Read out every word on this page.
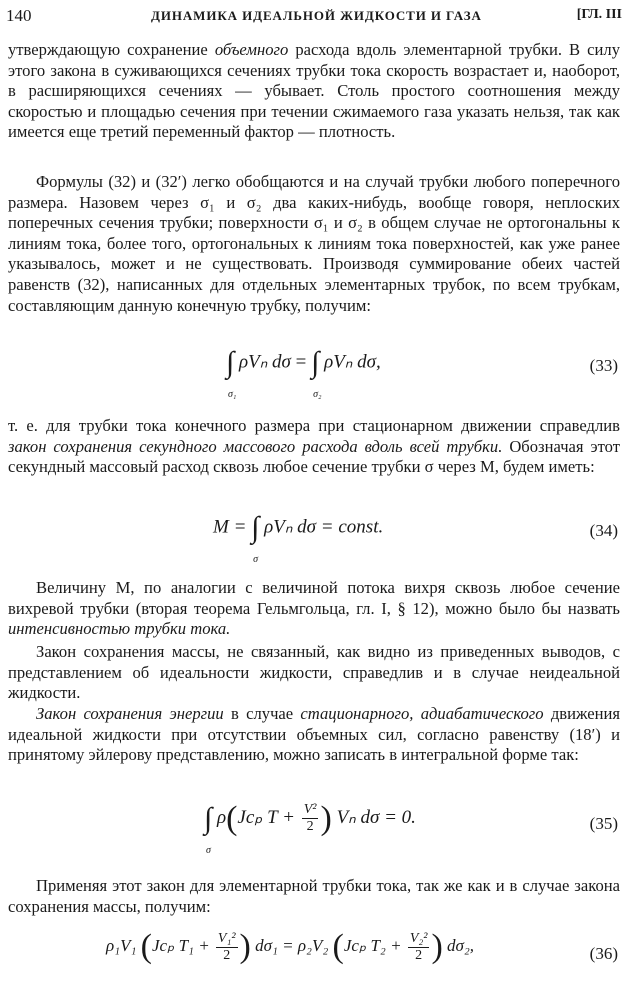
140	ДИНАМИКА ИДЕАЛЬНОЙ ЖИДКОСТИ И ГАЗА	[ГЛ. III

утверждающую сохранение объемного расхода вдоль элементарной трубки. В силу этого закона в суживающихся сечениях трубки тока скорость возрастает и, наоборот, в расширяющихся сечениях — убывает. Столь простого соотношения между скоростью и площадью сечения при течении сжимаемого газа указать нельзя, так как имеется еще третий переменный фактор — плотность.

Формулы (32) и (32′) легко обобщаются и на случай трубки любого поперечного размера. Назовем через σ₁ и σ₂ два каких-нибудь, вообще говоря, неплоских поперечных сечения трубки; поверхности σ₁ и σ₂ в общем случае не ортогональны к линиям тока, более того, ортогональных к линиям тока поверхностей, как уже ранее указывалось, может и не существовать. Производя суммирование обеих частей равенств (32), написанных для отдельных элементарных трубок, по всем трубкам, составляющим данную конечную трубку, получим:

∫
σ₁
ρVₙ dσ = ∫
σ₂
ρVₙ dσ,	(33)

т. е. для трубки тока конечного размера при стационарном движении справедлив закон сохранения секундного массового расхода вдоль всей трубки. Обозначая этот секундный массовый расход сквозь любое сечение трубки σ через M, будем иметь:

M = ∫
σ
ρVₙ dσ = const.	(34)

Величину M, по аналогии с величиной потока вихря сквозь любое сечение вихревой трубки (вторая теорема Гельмгольца, гл. I, § 12), можно было бы назвать интенсивностью трубки тока.

Закон сохранения массы, не связанный, как видно из приведенных выводов, с представлением об идеальности жидкости, справедлив и в случае неидеальной жидкости.

Закон сохранения энергии в случае стационарного, адиабатического движения идеальной жидкости при отсутствии объемных сил, согласно равенству (18′) и принятому эйлерову представлению, можно записать в интегральной форме так:

∫
σ
ρ(Jcₚ $T + \frac{\text{V²}}{2}$ ) Vₙ dσ = 0.	(35)

Применяя этот закон для элементарной трубки тока, так же как и в случае закона сохранения массы, получим:

ρ₁V₁ (Jcₚ $T_1 + \frac{\text{V₁²}}{2}$ ) dσ₁ = ρ₂V₂ (Jcₚ $T_2 + \frac{\text{V₂²}}{2}$ ) dσ₂,	(36)
